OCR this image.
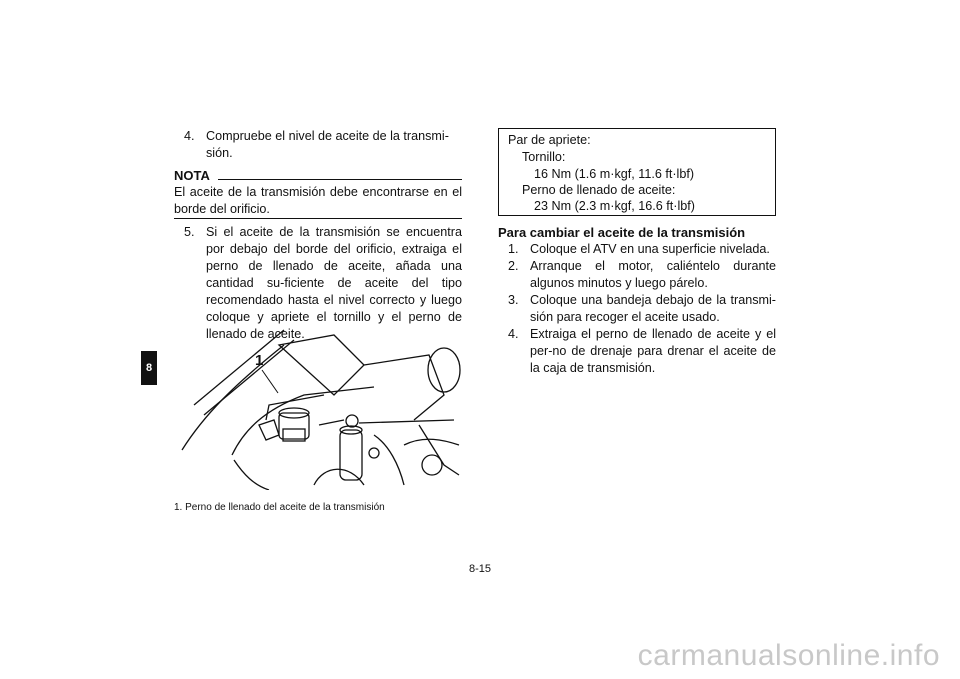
8
4. Compruebe el nivel de aceite de la transmi-
sión.
NOTA
El aceite de la transmisión debe encontrarse en el borde del orificio.
5. Si el aceite de la transmisión se encuentra por debajo del borde del orificio, extraiga el perno de llenado de aceite, añada una cantidad su-ficiente de aceite del tipo recomendado hasta el nivel correcto y luego coloque y apriete el tornillo y el perno de llenado de aceite.
1
1. Perno de llenado del aceite de la transmisión
Par de apriete:
Tornillo:
16 Nm (1.6 m·kgf, 11.6 ft·lbf)
Perno de llenado de aceite:
23 Nm (2.3 m·kgf, 16.6 ft·lbf)
Para cambiar el aceite de la transmisión
1. Coloque el ATV en una superficie nivelada.
2. Arranque el motor, caliéntelo durante algunos minutos y luego párelo.
3. Coloque una bandeja debajo de la transmi-sión para recoger el aceite usado.
4. Extraiga el perno de llenado de aceite y el per-no de drenaje para drenar el aceite de la caja de transmisión.
8-15
carmanualsonline.info
